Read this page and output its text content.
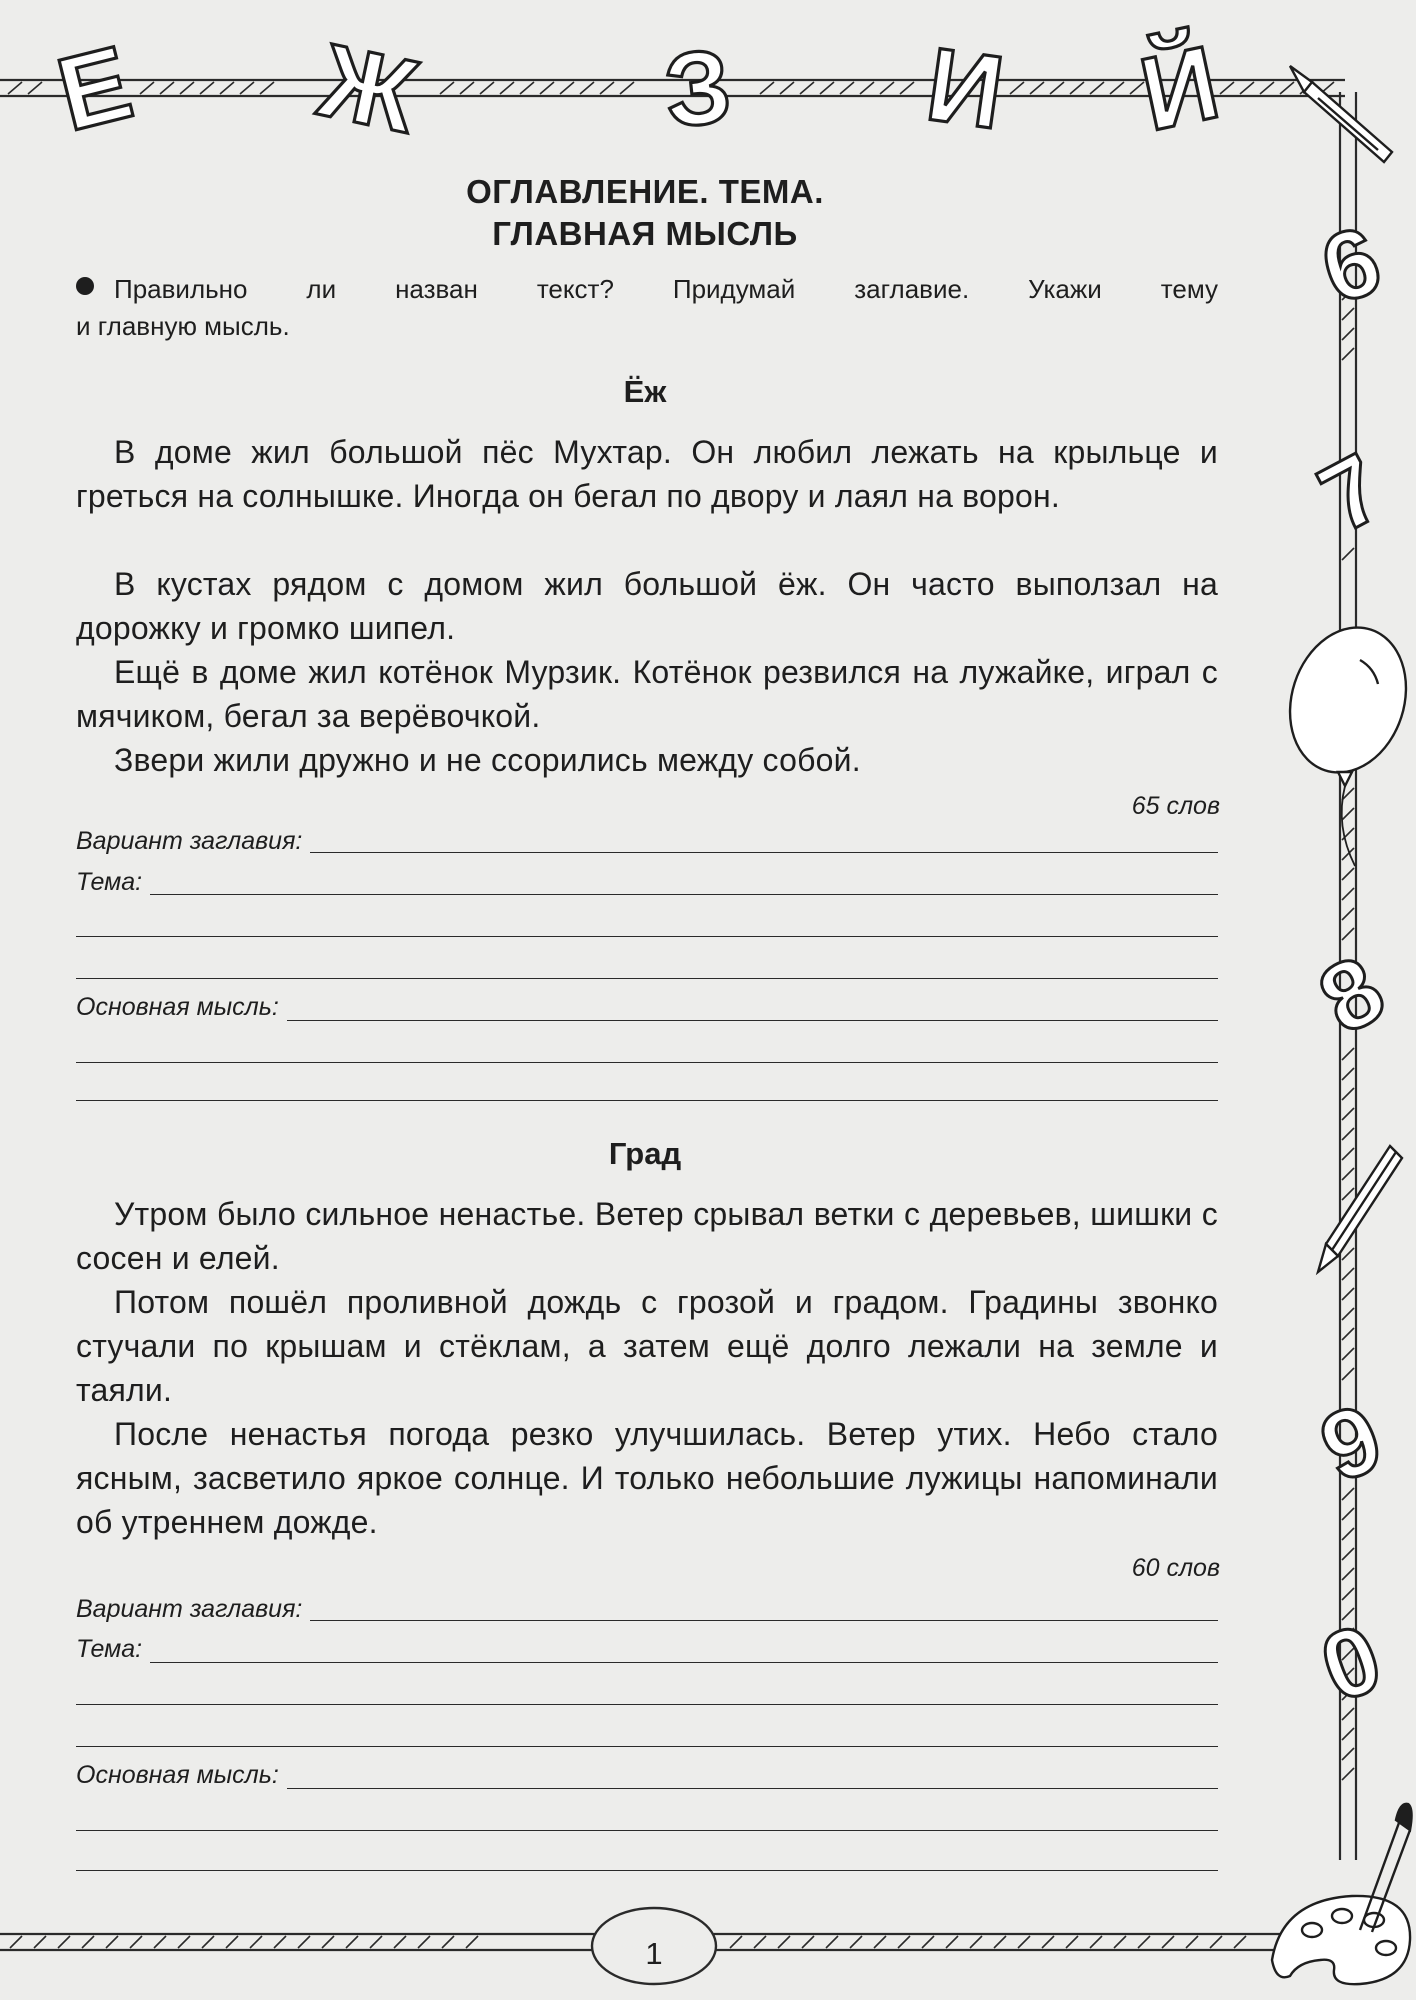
Е Ж З И Й
6
7
8
9
0
ОГЛАВЛЕНИЕ. ТЕМА.
ГЛАВНАЯ МЫСЛЬ

Правильно ли назван текст? Придумай заглавие. Укажи тему

и главную мысль.

Ёж

В доме жил большой пёс Мухтар. Он любил лежать на крыльце и греться на солнышке. Иногда он бегал по двору и лаял на ворон.

В кустах рядом с домом жил большой ёж. Он часто выползал на дорожку и громко шипел.

Ещё в доме жил котёнок Мурзик. Котёнок резвился на лужайке, играл с мячиком, бегал за верёвочкой.

Звери жили дружно и не ссорились между собой.

65 слов

Вариант заглавия:

Тема:

Основная мысль:

Град

Утром было сильное ненастье. Ветер срывал ветки с деревьев, шишки с сосен и елей.

Потом пошёл проливной дождь с грозой и градом. Градины звонко стучали по крышам и стёклам, а затем ещё долго лежали на земле и таяли.

После ненастья погода резко улучшилась. Ветер утих. Небо стало ясным, засветило яркое солнце. И только небольшие лужицы напоминали об утреннем дожде.

60 слов

Вариант заглавия:

Тема:

Основная мысль:

1
